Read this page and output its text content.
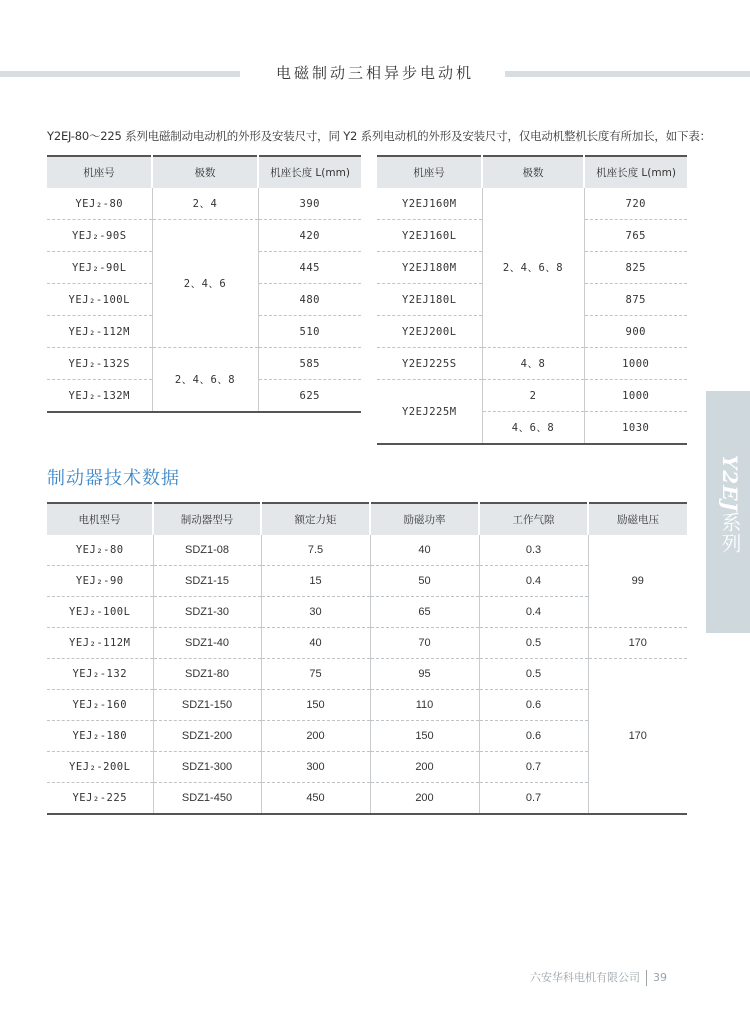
电磁制动三相异步电动机
Y2EJ-80～225 系列电磁制动电动机的外形及安装尺寸，同 Y2 系列电动机的外形及安装尺寸，仅电动机整机长度有所加长，如下表：
机座号	极数	机座长度 L(mm)
YEJ₂-80	2、4	390
YEJ₂-90S	2、4、6	420
YEJ₂-90L		445
YEJ₂-100L		480
YEJ₂-112M		510
YEJ₂-132S	2、4、6、8	585
YEJ₂-132M		625
机座号	极数	机座长度 L(mm)
Y2EJ160M	2、4、6、8	720
Y2EJ160L		765
Y2EJ180M		825
Y2EJ180L		875
Y2EJ200L		900
Y2EJ225S	4、8	1000
Y2EJ225M	2	1000
	4、6、8	1030
制动器技术数据
电机型号	制动器型号	额定力矩	励磁功率	工作气隙	励磁电压
YEJ₂-80	SDZ1-08	7.5	40	0.3	99
YEJ₂-90	SDZ1-15	15	50	0.4	
YEJ₂-100L	SDZ1-30	30	65	0.4	
YEJ₂-112M	SDZ1-40	40	70	0.5	170
YEJ₂-132	SDZ1-80	75	95	0.5	170
YEJ₂-160	SDZ1-150	150	110	0.6	
YEJ₂-180	SDZ1-200	200	150	0.6	
YEJ₂-200L	SDZ1-300	300	200	0.7	
YEJ₂-225	SDZ1-450	450	200	0.7	
Y2EJ系列
六安华科电机有限公司 39
